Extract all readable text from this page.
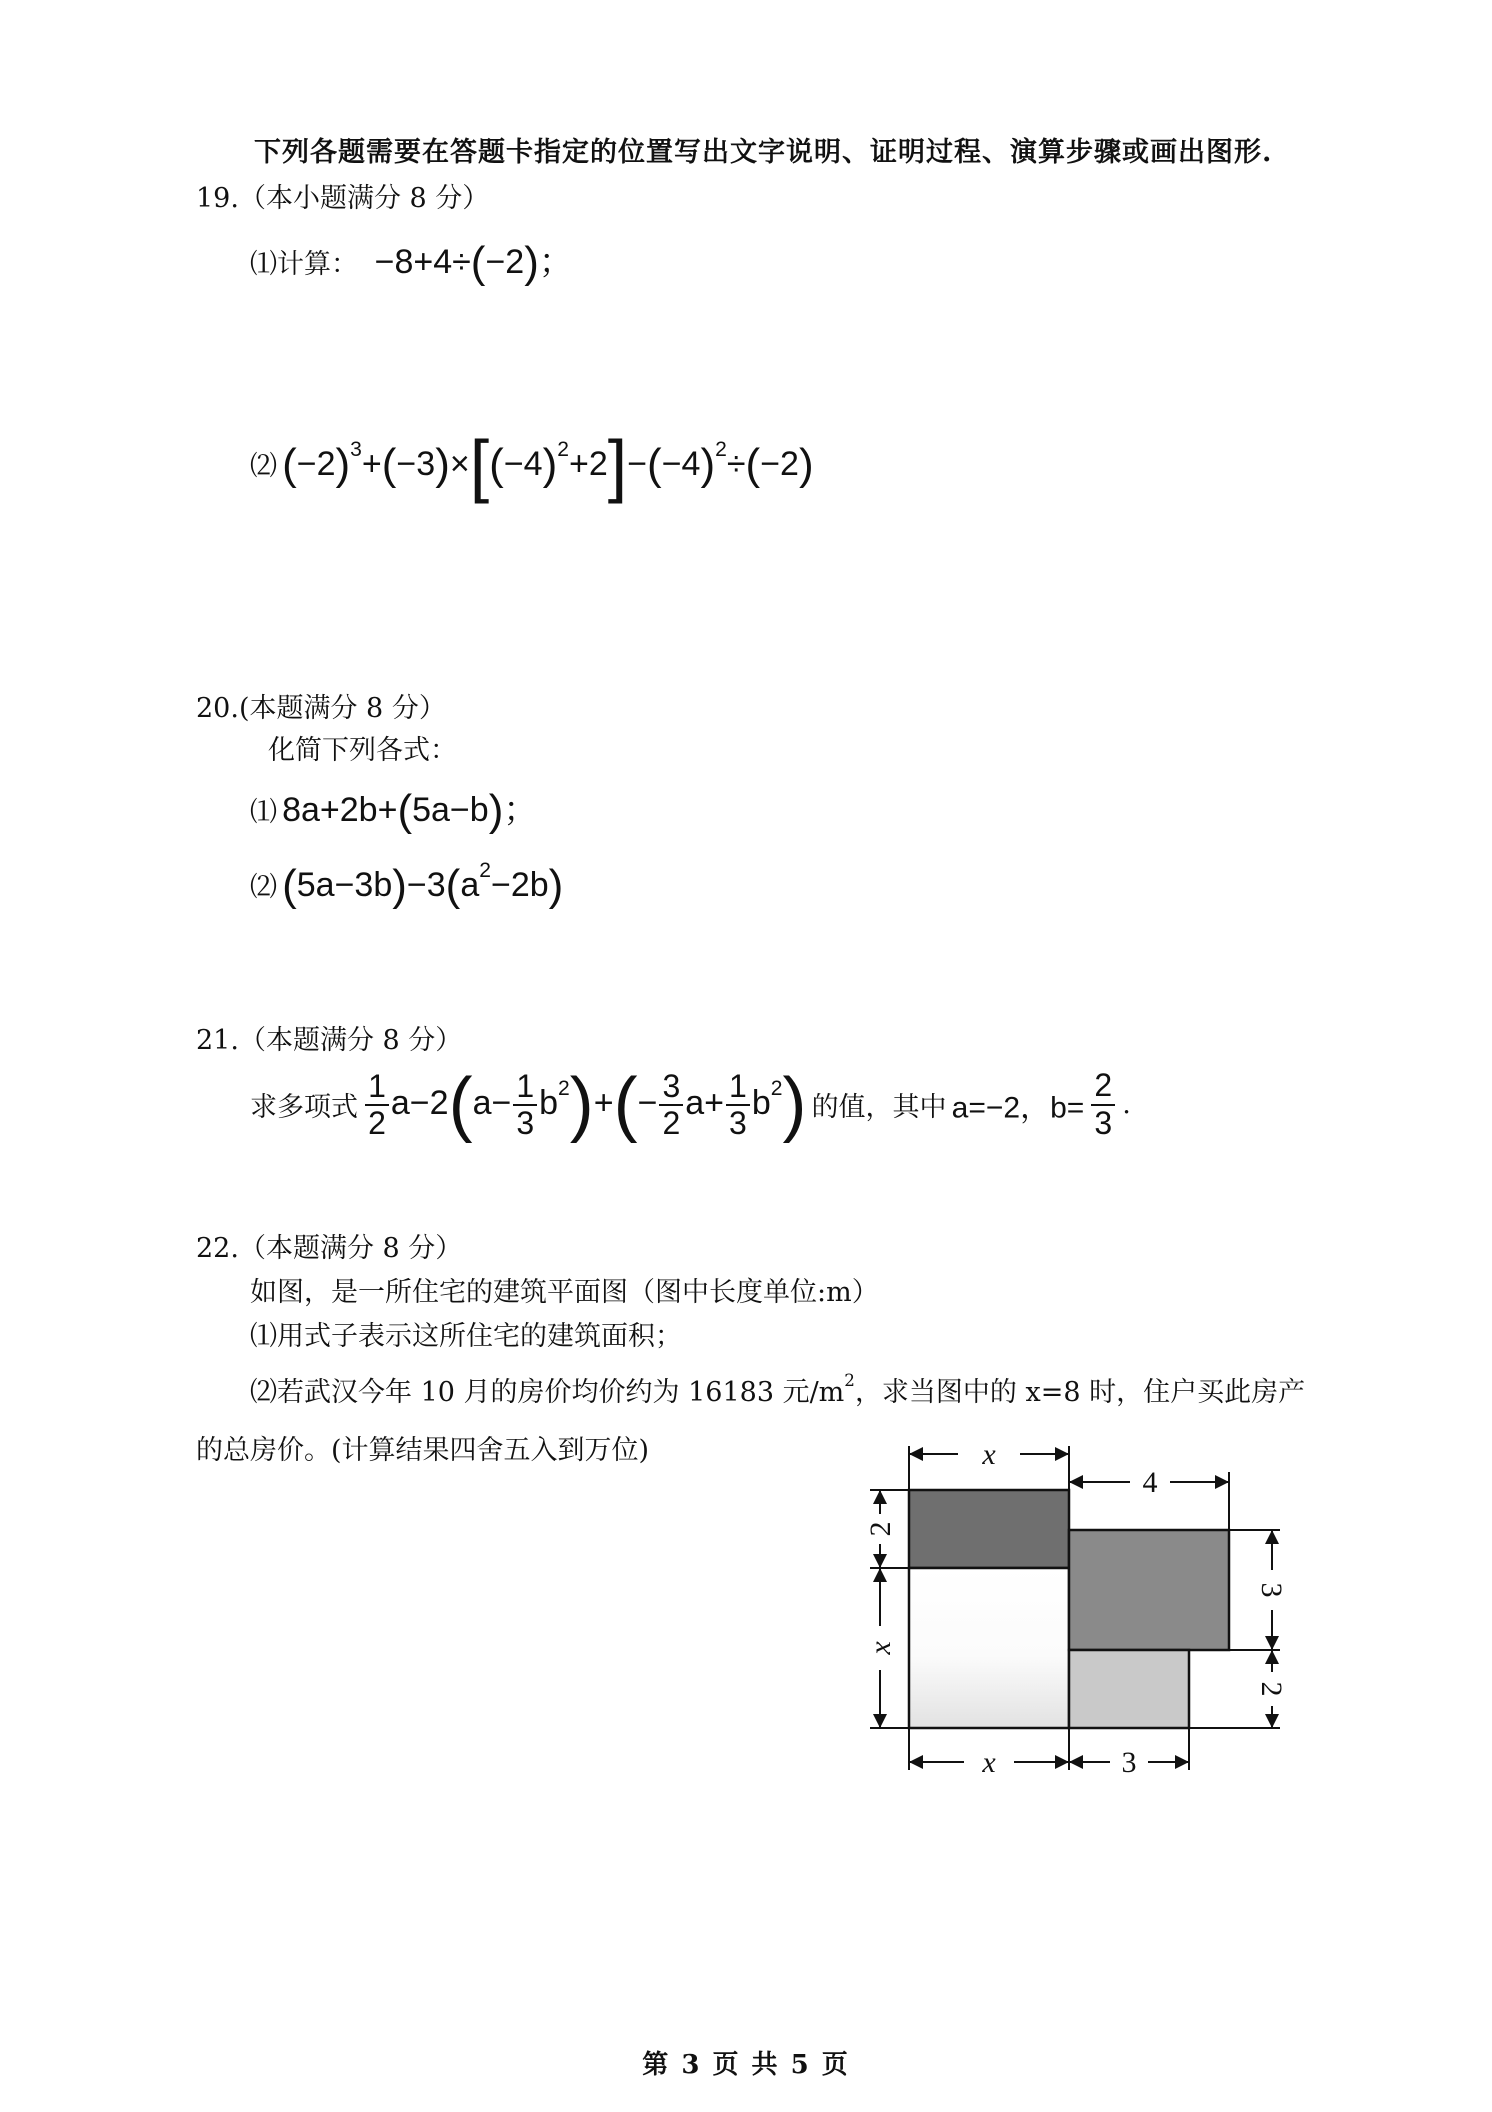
下列各题需要在答题卡指定的位置写出文字说明、证明过程、演算步骤或画出图形.
19.（本小题满分 8 分）
⑴计算： −8+4÷(−2)；
⑵ $(-2)^3+(-3)\times[(-4)^2+2]-(-4)^2\div(-2)$
20.(本题满分 8 分）
化简下列各式：
⑴ 8a+2b+(5a−b)；
⑵ $(5a-3b)-3(a^2-2b)$
21.（本题满分 8 分）
求多项式 $\frac{1}{2} a-2(a- \frac{1}{3} b^2)+(- \frac{3}{2} a+ \frac{1}{3} b^2)$ 的值，其中 a=−2，$b= \frac{2}{3}$ .
22.（本题满分 8 分）
如图，是一所住宅的建筑平面图（图中长度单位:m）
⑴用式子表示这所住宅的建筑面积；
⑵若武汉今年 10 月的房价均价约为 16183 元$/m^2$，求当图中的 x=8 时，住户买此房产
的总房价。(计算结果四舍五入到万位)	x
4
2
x
3
2
x	3
第 3 页 共 5 页
